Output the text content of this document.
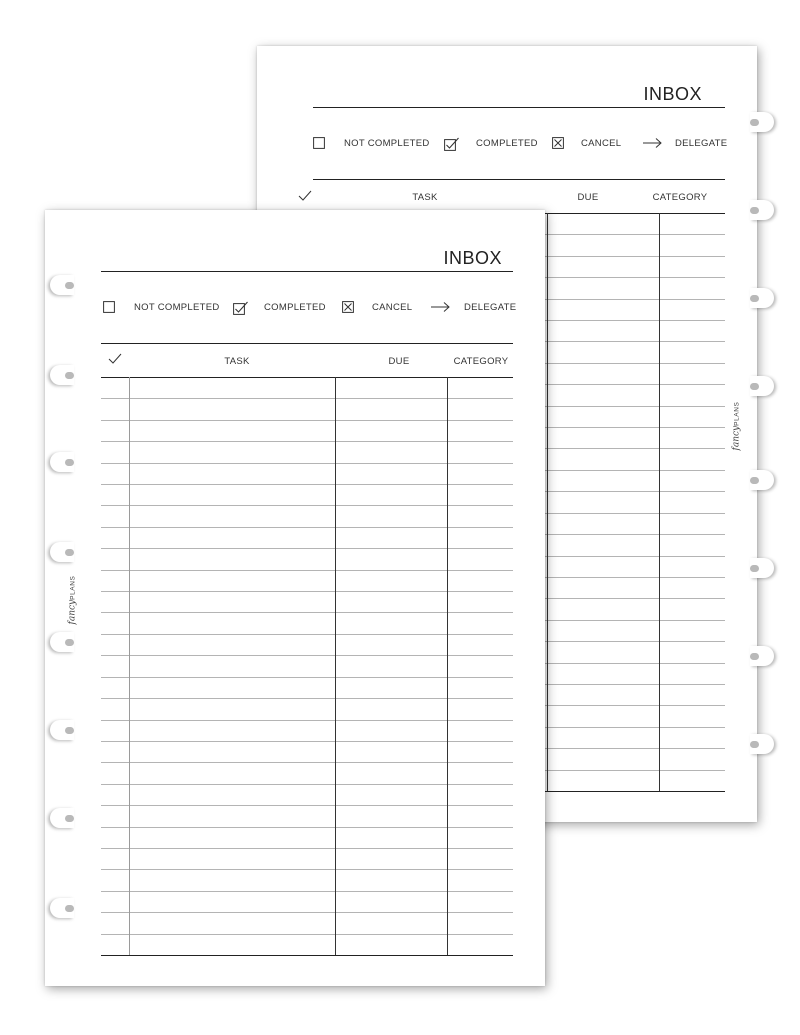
INBOX
NOT COMPLETED	COMPLETED	CANCEL	DELEGATE
TASK	DUE	CATEGORY
fancyPLANS
INBOX
NOT COMPLETED	COMPLETED	CANCEL	DELEGATE
TASK	DUE	CATEGORY
fancyPLANS
